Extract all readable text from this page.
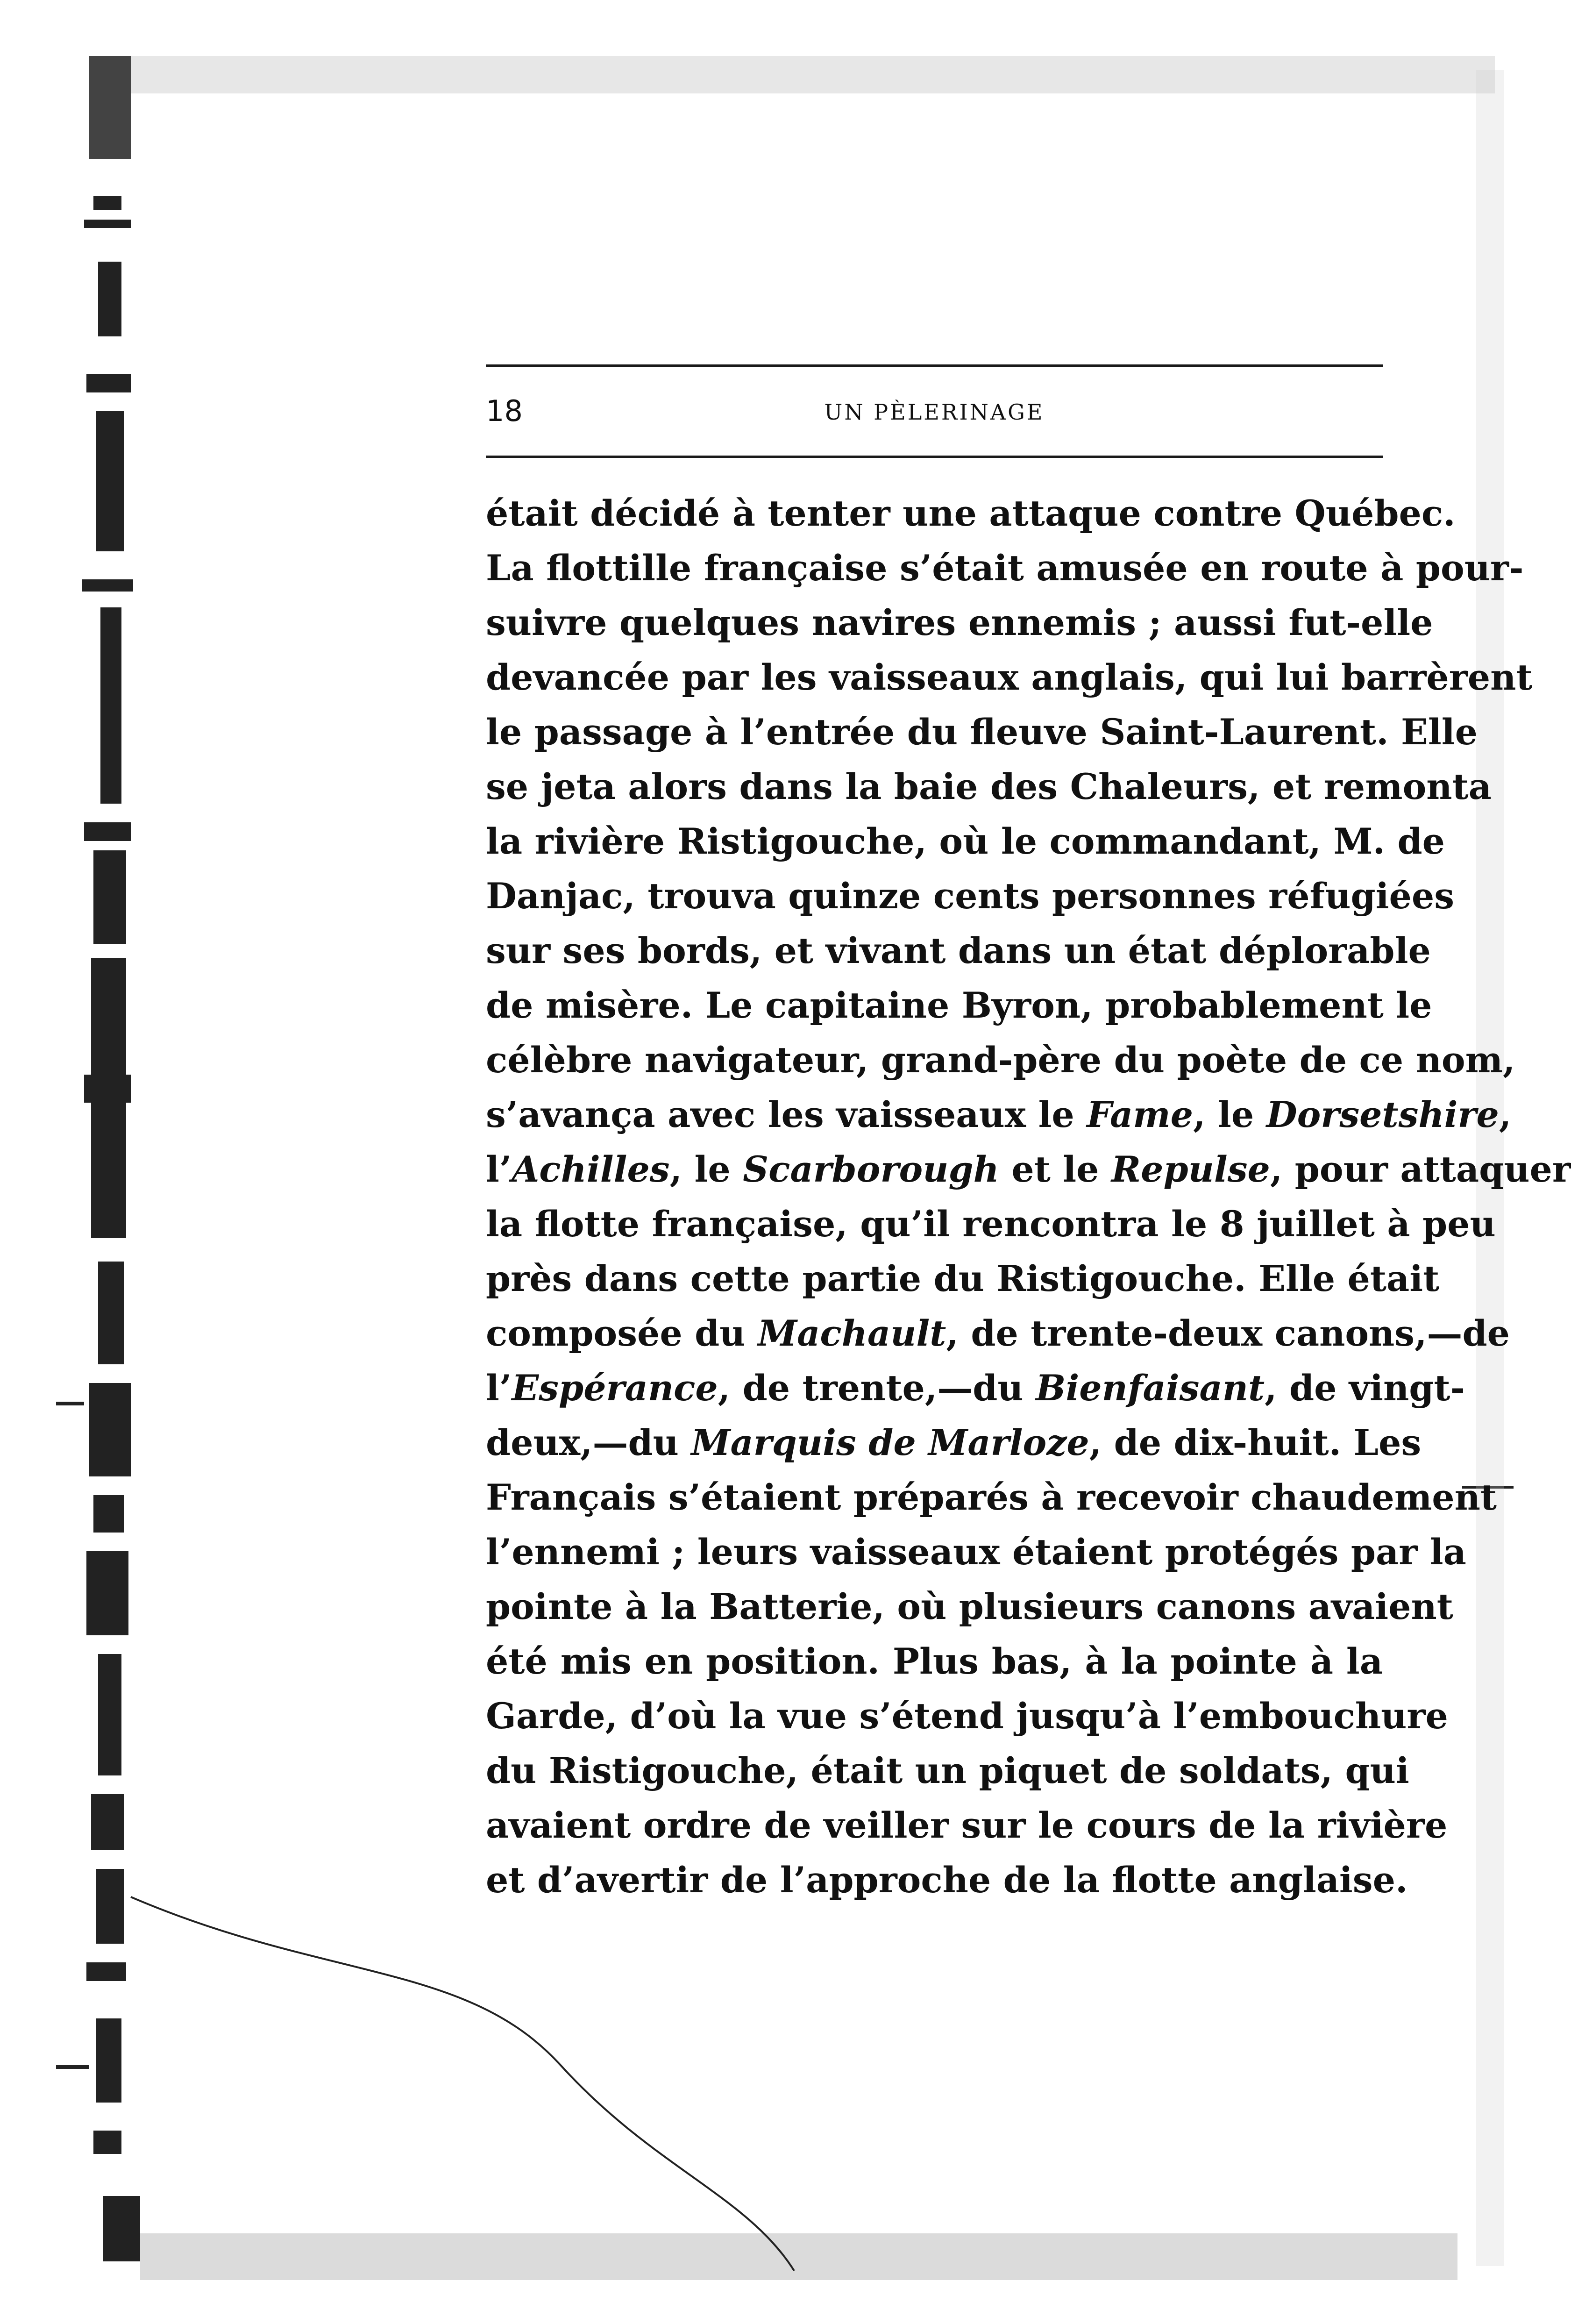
18	UN PÈLERINAGE
était décidé à tenter une attaque contre Québec.
La flottille française s’était amusée en route à pour-
suivre quelques navires ennemis ; aussi fut-elle
devancée par les vaisseaux anglais, qui lui barrèrent
le passage à l’entrée du fleuve Saint-Laurent. Elle
se jeta alors dans la baie des Chaleurs, et remonta
la rivière Ristigouche, où le commandant, M. de
Danjac, trouva quinze cents personnes réfugiées
sur ses bords, et vivant dans un état déplorable
de misère. Le capitaine Byron, probablement le
célèbre navigateur, grand-père du poète de ce nom,
s’avança avec les vaisseaux le Fame, le Dorsetshire,
l’Achilles, le Scarborough et le Repulse, pour attaquer
la flotte française, qu’il rencontra le 8 juillet à peu
près dans cette partie du Ristigouche. Elle était
composée du Machault, de trente-deux canons,—de
l’Espérance, de trente,—du Bienfaisant, de vingt-
deux,—du Marquis de Marloze, de dix-huit. Les
Français s’étaient préparés à recevoir chaudement
l’ennemi ; leurs vaisseaux étaient protégés par la
pointe à la Batterie, où plusieurs canons avaient
été mis en position. Plus bas, à la pointe à la
Garde, d’où la vue s’étend jusqu’à l’embouchure
du Ristigouche, était un piquet de soldats, qui
avaient ordre de veiller sur le cours de la rivière
et d’avertir de l’approche de la flotte anglaise.
